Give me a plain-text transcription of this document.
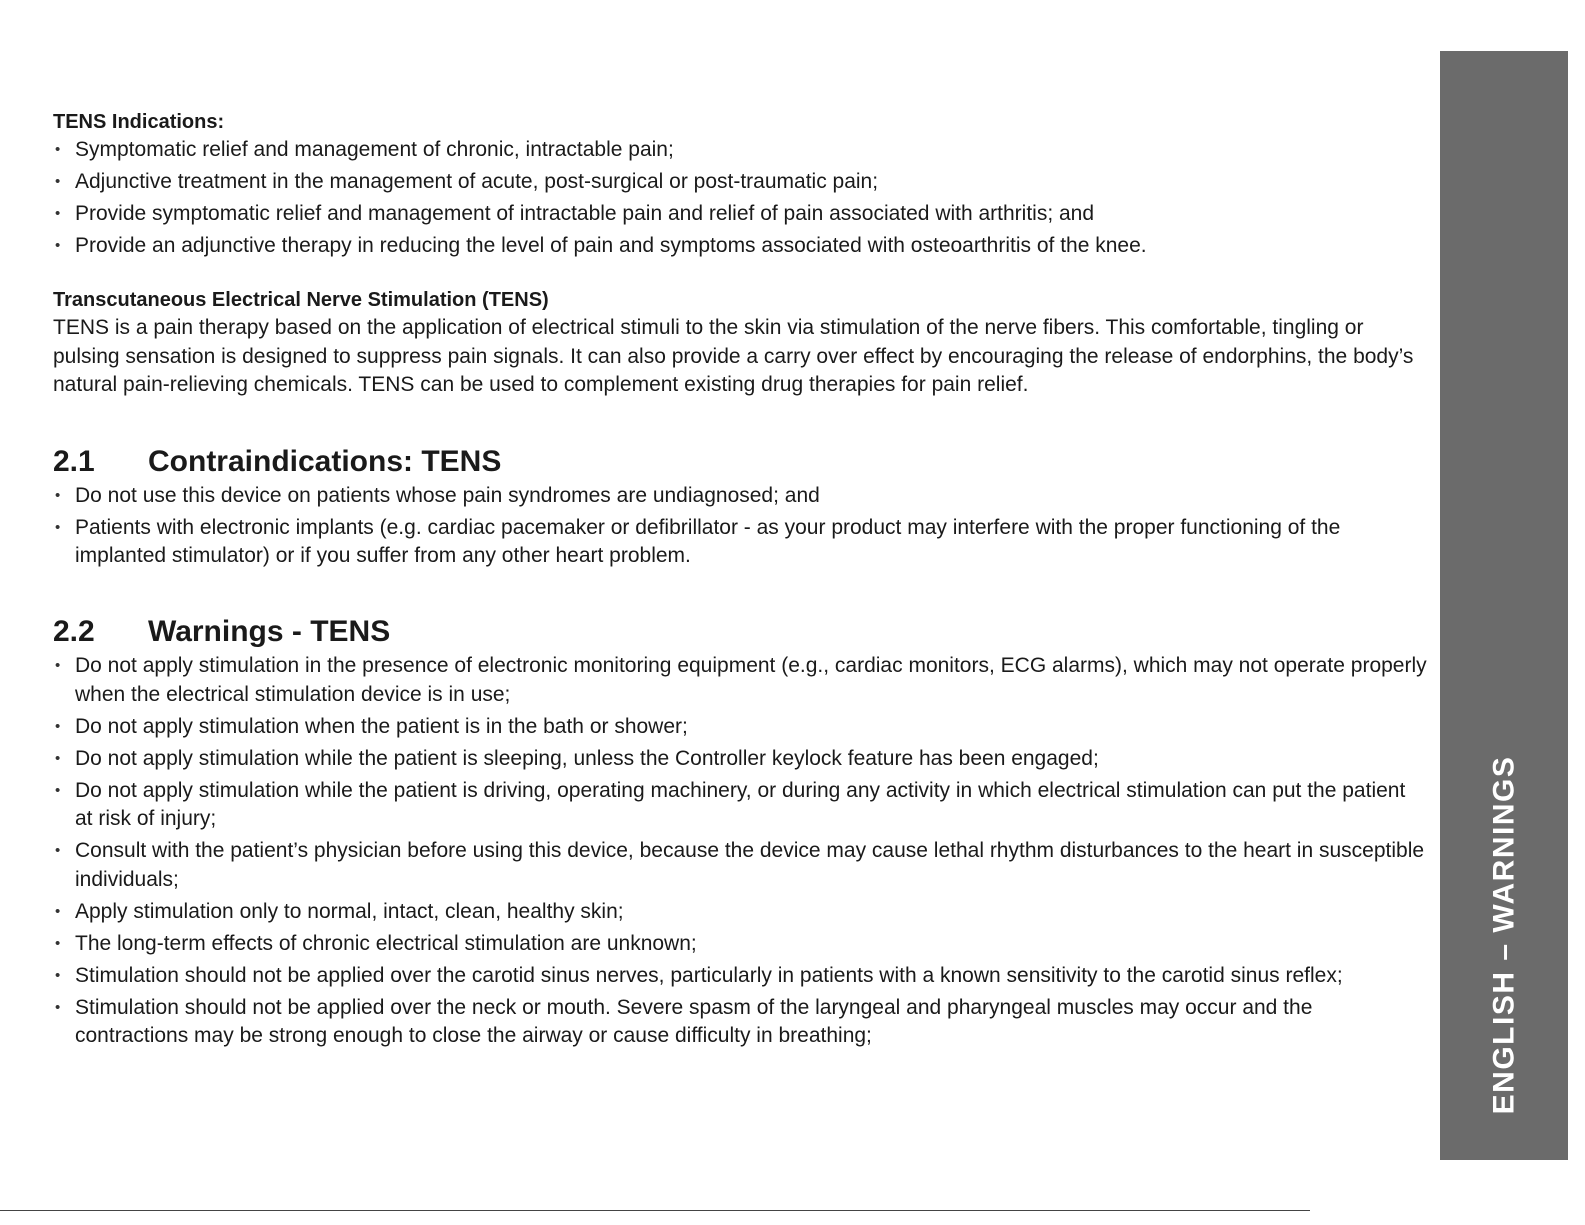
TENS Indications:

• Symptomatic relief and management of chronic, intractable pain;
• Adjunctive treatment in the management of acute, post-surgical or post-traumatic pain;
• Provide symptomatic relief and management of intractable pain and relief of pain associated with arthritis; and
• Provide an adjunctive therapy in reducing the level of pain and symptoms associated with osteoarthritis of the knee.

Transcutaneous Electrical Nerve Stimulation (TENS)

TENS is a pain therapy based on the application of electrical stimuli to the skin via stimulation of the nerve fibers. This comfortable, tingling or pulsing sensation is designed to suppress pain signals. It can also provide a carry over effect by encouraging the release of endorphins, the body’s natural pain-relieving chemicals. TENS can be used to complement existing drug therapies for pain relief.

2.1	Contraindications: TENS
• Do not use this device on patients whose pain syndromes are undiagnosed; and
• Patients with electronic implants (e.g. cardiac pacemaker or defibrillator - as your product may interfere with the proper functioning of the implanted stimulator) or if you suffer from any other heart problem.
2.2	Warnings - TENS
• Do not apply stimulation in the presence of electronic monitoring equipment (e.g., cardiac monitors, ECG alarms), which may not operate properly when the electrical stimulation device is in use;
• Do not apply stimulation when the patient is in the bath or shower;
• Do not apply stimulation while the patient is sleeping, unless the Controller keylock feature has been engaged;
• Do not apply stimulation while the patient is driving, operating machinery, or during any activity in which electrical stimulation can put the patient at risk of injury;
• Consult with the patient’s physician before using this device, because the device may cause lethal rhythm disturbances to the heart in susceptible individuals;
• Apply stimulation only to normal, intact, clean, healthy skin;
• The long-term effects of chronic electrical stimulation are unknown;
• Stimulation should not be applied over the carotid sinus nerves, particularly in patients with a known sensitivity to the carotid sinus reflex;
• Stimulation should not be applied over the neck or mouth. Severe spasm of the laryngeal and pharyngeal muscles may occur and the contractions may be strong enough to close the airway or cause difficulty in breathing;	ENGLISH – WARNINGS
5
